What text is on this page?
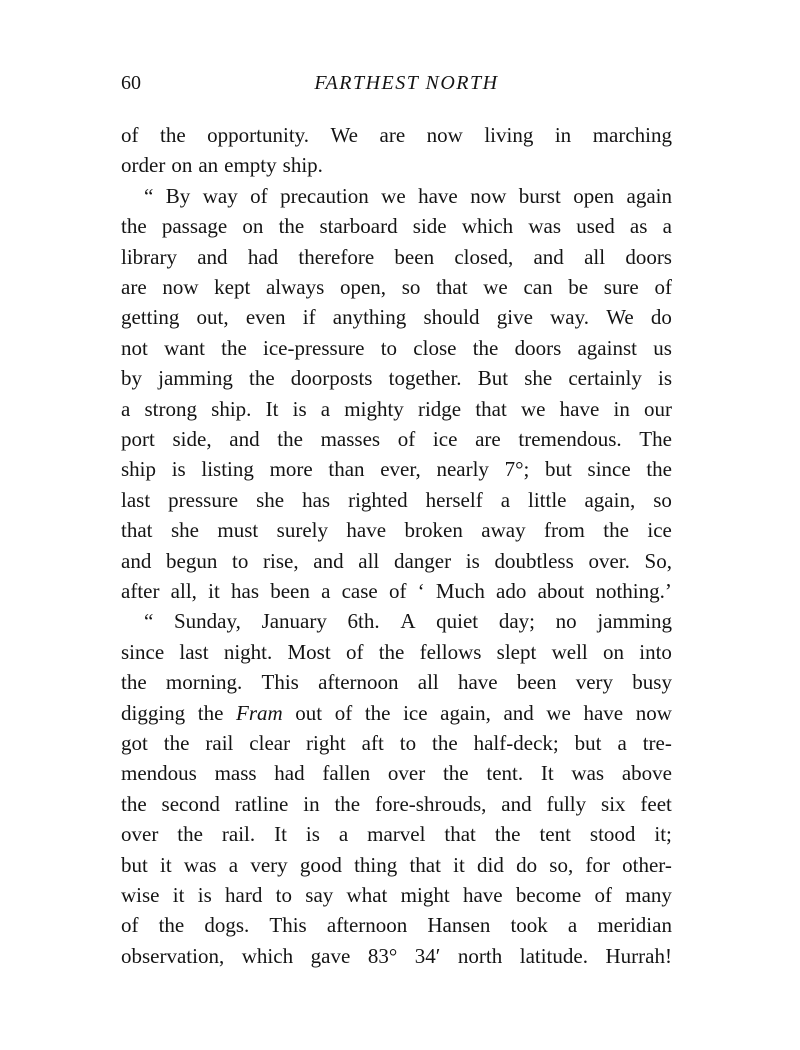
60	FARTHEST NORTH
of the opportunity. We are now living in marching
order on an empty ship.
“ By way of precaution we have now burst open again
the passage on the starboard side which was used as a
library and had therefore been closed, and all doors
are now kept always open, so that we can be sure of
getting out, even if anything should give way. We do
not want the ice-pressure to close the doors against us
by jamming the doorposts together. But she certainly is
a strong ship. It is a mighty ridge that we have in our
port side, and the masses of ice are tremendous. The
ship is listing more than ever, nearly 7°; but since the
last pressure she has righted herself a little again, so
that she must surely have broken away from the ice
and begun to rise, and all danger is doubtless over. So,
after all, it has been a case of ‘ Much ado about nothing.’
“ Sunday, January 6th. A quiet day; no jamming
since last night. Most of the fellows slept well on into
the morning. This afternoon all have been very busy
digging the Fram out of the ice again, and we have now
got the rail clear right aft to the half-deck; but a tre-
mendous mass had fallen over the tent. It was above
the second ratline in the fore-shrouds, and fully six feet
over the rail. It is a marvel that the tent stood it;
but it was a very good thing that it did do so, for other-
wise it is hard to say what might have become of many
of the dogs. This afternoon Hansen took a meridian
observation, which gave 83° 34′ north latitude. Hurrah!
